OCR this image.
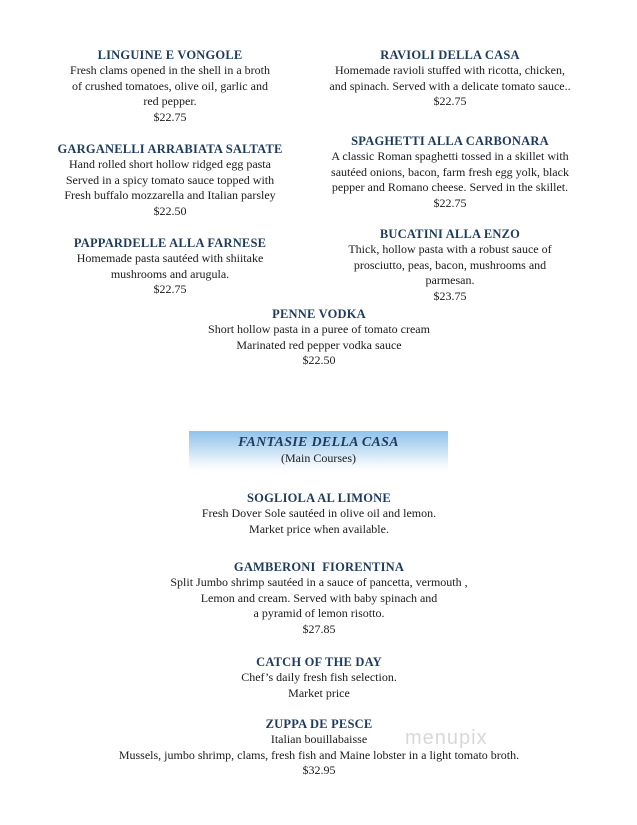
LINGUINE E VONGOLE
Fresh clams opened in the shell in a broth
of crushed tomatoes, olive oil, garlic and
red pepper.
$22.75
GARGANELLI ARRABIATA SALTATE
Hand rolled short hollow ridged egg pasta
Served in a spicy tomato sauce topped with
Fresh buffalo mozzarella and Italian parsley
$22.50
PAPPARDELLE ALLA FARNESE
Homemade pasta sautéed with shiitake
mushrooms and arugula.
$22.75
RAVIOLI DELLA CASA
Homemade ravioli stuffed with ricotta, chicken,
and spinach. Served with a delicate tomato sauce..
$22.75
SPAGHETTI ALLA CARBONARA
A classic Roman spaghetti tossed in a skillet with
sautéed onions, bacon, farm fresh egg yolk, black
pepper and Romano cheese. Served in the skillet.
$22.75
BUCATINI ALLA ENZO
Thick, hollow pasta with a robust sauce of
prosciutto, peas, bacon, mushrooms and
parmesan.
$23.75
PENNE VODKA
Short hollow pasta in a puree of tomato cream
Marinated red pepper vodka sauce
$22.50
FANTASIE DELLA CASA
(Main Courses)
SOGLIOLA AL LIMONE
Fresh Dover Sole sautéed in olive oil and lemon.
Market price when available.
GAMBERONI  FIORENTINA
Split Jumbo shrimp sautéed in a sauce of pancetta, vermouth ,
Lemon and cream. Served with baby spinach and
a pyramid of lemon risotto.
$27.85
CATCH OF THE DAY
Chef’s daily fresh fish selection.
Market price
ZUPPA DE PESCE
Italian bouillabaisse
Mussels, jumbo shrimp, clams, fresh fish and Maine lobster in a light tomato broth.
$32.95
menupix
